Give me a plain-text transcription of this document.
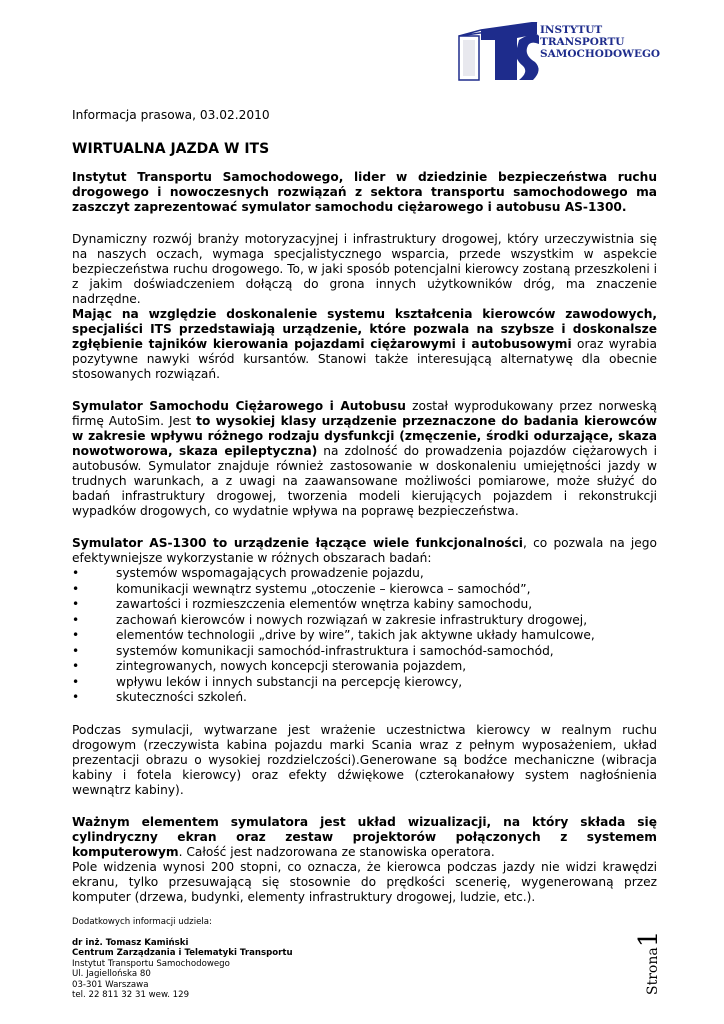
® INSTYTUT
TRANSPORTU
SAMOCHODOWEGO

Informacja prasowa, 03.02.2010

WIRTUALNA JAZDA W ITS

Instytut Transportu Samochodowego, lider w dziedzinie bezpieczeństwa ruchu drogowego i nowoczesnych rozwiązań z sektora transportu samochodowego ma zaszczyt zaprezentować symulator samochodu ciężarowego i autobusu AS-1300.

Dynamiczny rozwój branży motoryzacyjnej i infrastruktury drogowej, który urzeczywistnia się na naszych oczach, wymaga specjalistycznego wsparcia, przede wszystkim w aspekcie bezpieczeństwa ruchu drogowego. To, w jaki sposób potencjalni kierowcy zostaną przeszkoleni i z jakim doświadczeniem dołączą do grona innych użytkowników dróg, ma znaczenie nadrzędne.

Mając na względzie doskonalenie systemu kształcenia kierowców zawodowych, specjaliści ITS przedstawiają urządzenie, które pozwala na szybsze i doskonalsze zgłębienie tajników kierowania pojazdami ciężarowymi i autobusowymi oraz wyrabia pozytywne nawyki wśród kursantów. Stanowi także interesującą alternatywę dla obecnie stosowanych rozwiązań.

Symulator Samochodu Ciężarowego i Autobusu został wyprodukowany przez norweską firmę AutoSim. Jest to wysokiej klasy urządzenie przeznaczone do badania kierowców w zakresie wpływu różnego rodzaju dysfunkcji (zmęczenie, środki odurzające, skaza nowotworowa, skaza epileptyczna) na zdolność do prowadzenia pojazdów ciężarowych i autobusów. Symulator znajduje również zastosowanie w doskonaleniu umiejętności jazdy w trudnych warunkach, a z uwagi na zaawansowane możliwości pomiarowe, może służyć do badań infrastruktury drogowej, tworzenia modeli kierujących pojazdem i rekonstrukcji wypadków drogowych, co wydatnie wpływa na poprawę bezpieczeństwa.

Symulator AS-1300 to urządzenie łączące wiele funkcjonalności, co pozwala na jego efektywniejsze wykorzystanie w różnych obszarach badań:

• systemów wspomagających prowadzenie pojazdu,
• komunikacji wewnątrz systemu „otoczenie – kierowca – samochód”,
• zawartości i rozmieszczenia elementów wnętrza kabiny samochodu,
• zachowań kierowców i nowych rozwiązań w zakresie infrastruktury drogowej,
• elementów technologii „drive by wire”, takich jak aktywne układy hamulcowe,
• systemów komunikacji samochód-infrastruktura i samochód-samochód,
• zintegrowanych, nowych koncepcji sterowania pojazdem,
• wpływu leków i innych substancji na percepcję kierowcy,
• skuteczności szkoleń.

Podczas symulacji, wytwarzane jest wrażenie uczestnictwa kierowcy w realnym ruchu drogowym (rzeczywista kabina pojazdu marki Scania wraz z pełnym wyposażeniem, układ prezentacji obrazu o wysokiej rozdzielczości).Generowane są bodźce mechaniczne (wibracja kabiny i fotela kierowcy) oraz efekty dźwiękowe (czterokanałowy system nagłośnienia wewnątrz kabiny).

Ważnym elementem symulatora jest układ wizualizacji, na który składa się cylindryczny ekran oraz zestaw projektorów połączonych z systemem komputerowym. Całość jest nadzorowana ze stanowiska operatora.

Pole widzenia wynosi 200 stopni, co oznacza, że kierowca podczas jazdy nie widzi krawędzi ekranu, tylko przesuwającą się stosownie do prędkości scenerię, wygenerowaną przez komputer (drzewa, budynki, elementy infrastruktury drogowej, ludzie, etc.).

Dodatkowych informacji udziela:
dr inż. Tomasz Kamiński
Centrum Zarządzania i Telematyki Transportu
Instytut Transportu Samochodowego
Ul. Jagiellońska 80
03-301 Warszawa
tel. 22 811 32 31 wew. 129	Strona1
